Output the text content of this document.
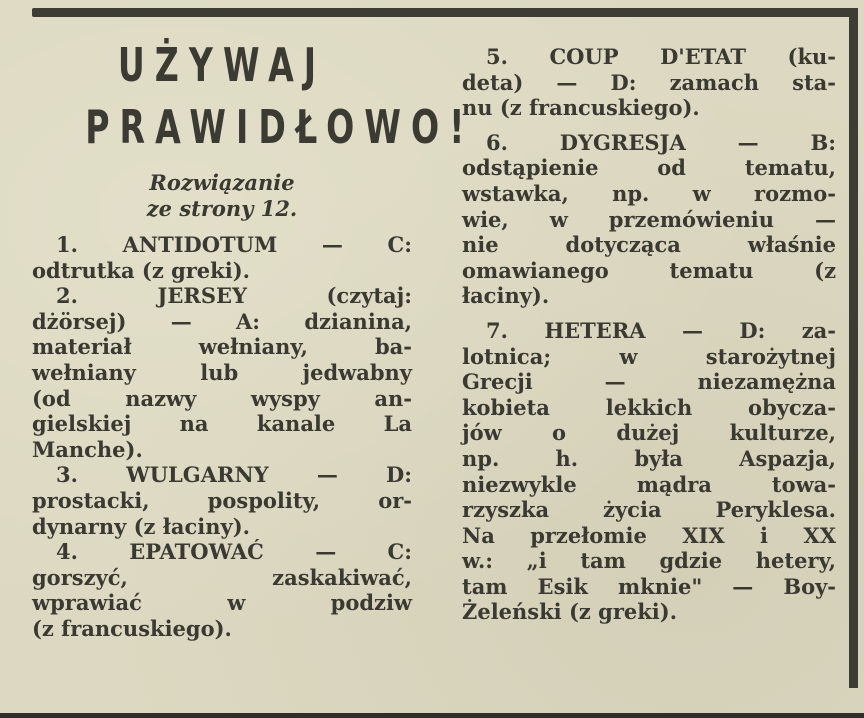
UŻYWAJ
PRAWIDŁOWO!
Rozwiązanie
ze strony 12.
1. ANTIDOTUM — C:
odtrutka (z greki).
2. JERSEY (czytaj:
dżörsej) — A: dzianina,
materiał wełniany, ba-
wełniany lub jedwabny
(od nazwy wyspy an-
gielskiej na kanale La
Manche).
3. WULGARNY — D:
prostacki, pospolity, or-
dynarny (z łaciny).
4. EPATOWAĆ — C:
gorszyć, zaskakiwać,
wprawiać w podziw
(z francuskiego).
5. COUP D'ETAT (ku-
deta) — D: zamach sta-
nu (z francuskiego).
6. DYGRESJA — B:
odstąpienie od tematu,
wstawka, np. w rozmo-
wie, w przemówieniu —
nie dotycząca właśnie
omawianego tematu (z
łaciny).
7. HETERA — D: za-
lotnica; w starożytnej
Grecji — niezamężna
kobieta lekkich obycza-
jów o dużej kulturze,
np. h. była Aspazja,
niezwykle mądra towa-
rzyszka życia Peryklesa.
Na przełomie XIX i XX
w.: „i tam gdzie hetery,
tam Esik mknie" — Boy-
Żeleński (z greki).
